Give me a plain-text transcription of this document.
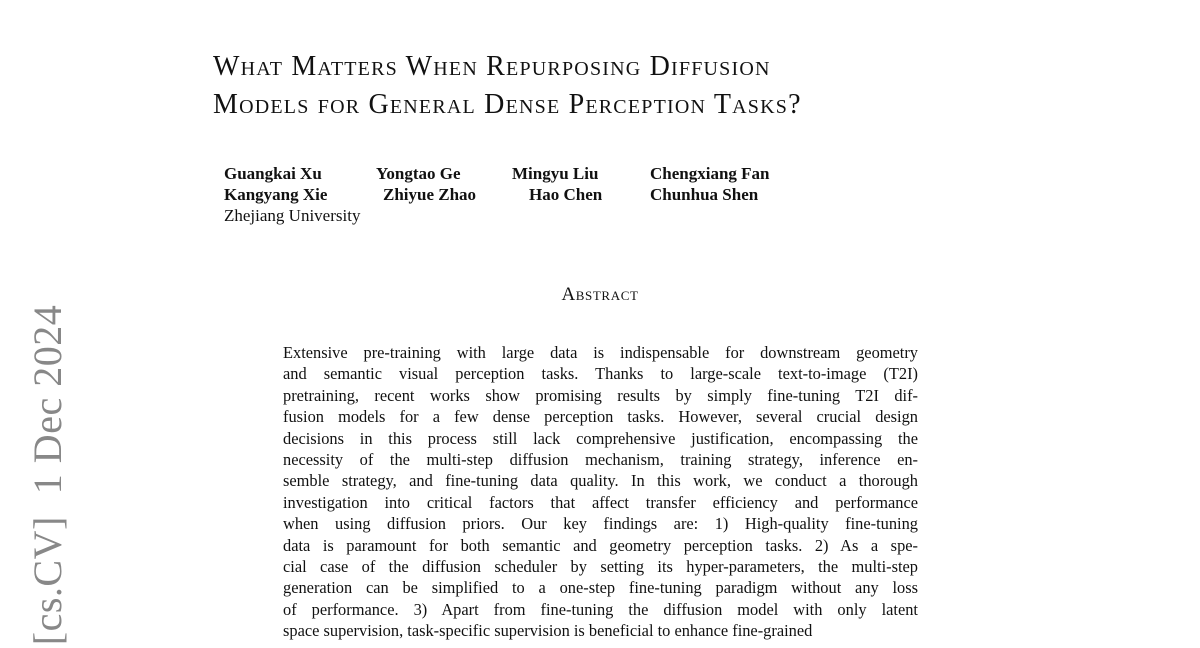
[cs.CV]1 Dec 2024
What Matters When Repurposing Diffusion
Models for General Dense Perception Tasks?
Guangkai Xu	Yongtao Ge	Mingyu Liu	Chengxiang Fan
Kangyang Xie	Zhiyue Zhao	Hao Chen	Chunhua Shen
Zhejiang University
Abstract
Extensive pre-training with large data is indispensable for downstream geometry
and semantic visual perception tasks. Thanks to large-scale text-to-image (T2I)
pretraining, recent works show promising results by simply fine-tuning T2I dif-
fusion models for a few dense perception tasks. However, several crucial design
decisions in this process still lack comprehensive justification, encompassing the
necessity of the multi-step diffusion mechanism, training strategy, inference en-
semble strategy, and fine-tuning data quality. In this work, we conduct a thorough
investigation into critical factors that affect transfer efficiency and performance
when using diffusion priors. Our key findings are: 1) High-quality fine-tuning
data is paramount for both semantic and geometry perception tasks. 2) As a spe-
cial case of the diffusion scheduler by setting its hyper-parameters, the multi-step
generation can be simplified to a one-step fine-tuning paradigm without any loss
of performance. 3) Apart from fine-tuning the diffusion model with only latent
space supervision, task-specific supervision is beneficial to enhance fine-grained
